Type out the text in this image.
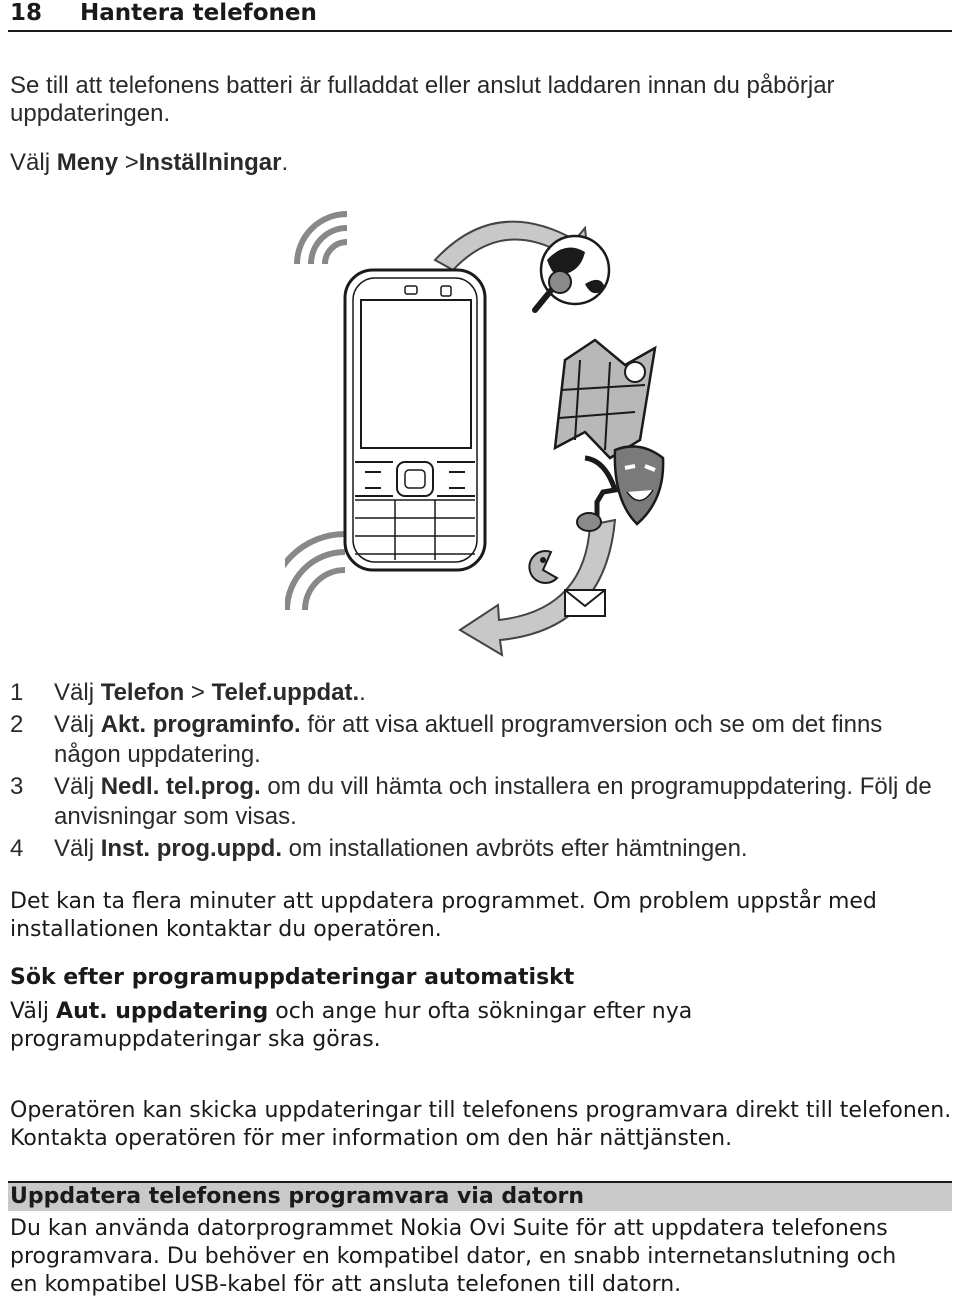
18 Hantera telefonen
Se till att telefonens batteri är fulladdat eller anslut laddaren innan du påbörjar uppdateringen.
Välj Meny >Inställningar.
1 Välj Telefon > Telef.uppdat..
2 Välj Akt. programinfo. för att visa aktuell programversion och se om det finns någon uppdatering.
3 Välj Nedl. tel.prog. om du vill hämta och installera en programuppdatering. Följ de anvisningar som visas.
4 Välj Inst. prog.uppd. om installationen avbröts efter hämtningen.
Det kan ta flera minuter att uppdatera programmet. Om problem uppstår med installationen kontaktar du operatören.
Sök efter programuppdateringar automatiskt
Välj Aut. uppdatering och ange hur ofta sökningar efter nya programuppdateringar ska göras.
Operatören kan skicka uppdateringar till telefonens programvara direkt till telefonen. Kontakta operatören för mer information om den här nättjänsten.
Uppdatera telefonens programvara via datorn
Du kan använda datorprogrammet Nokia Ovi Suite för att uppdatera telefonens programvara. Du behöver en kompatibel dator, en snabb internetanslutning och en kompatibel USB-kabel för att ansluta telefonen till datorn.
